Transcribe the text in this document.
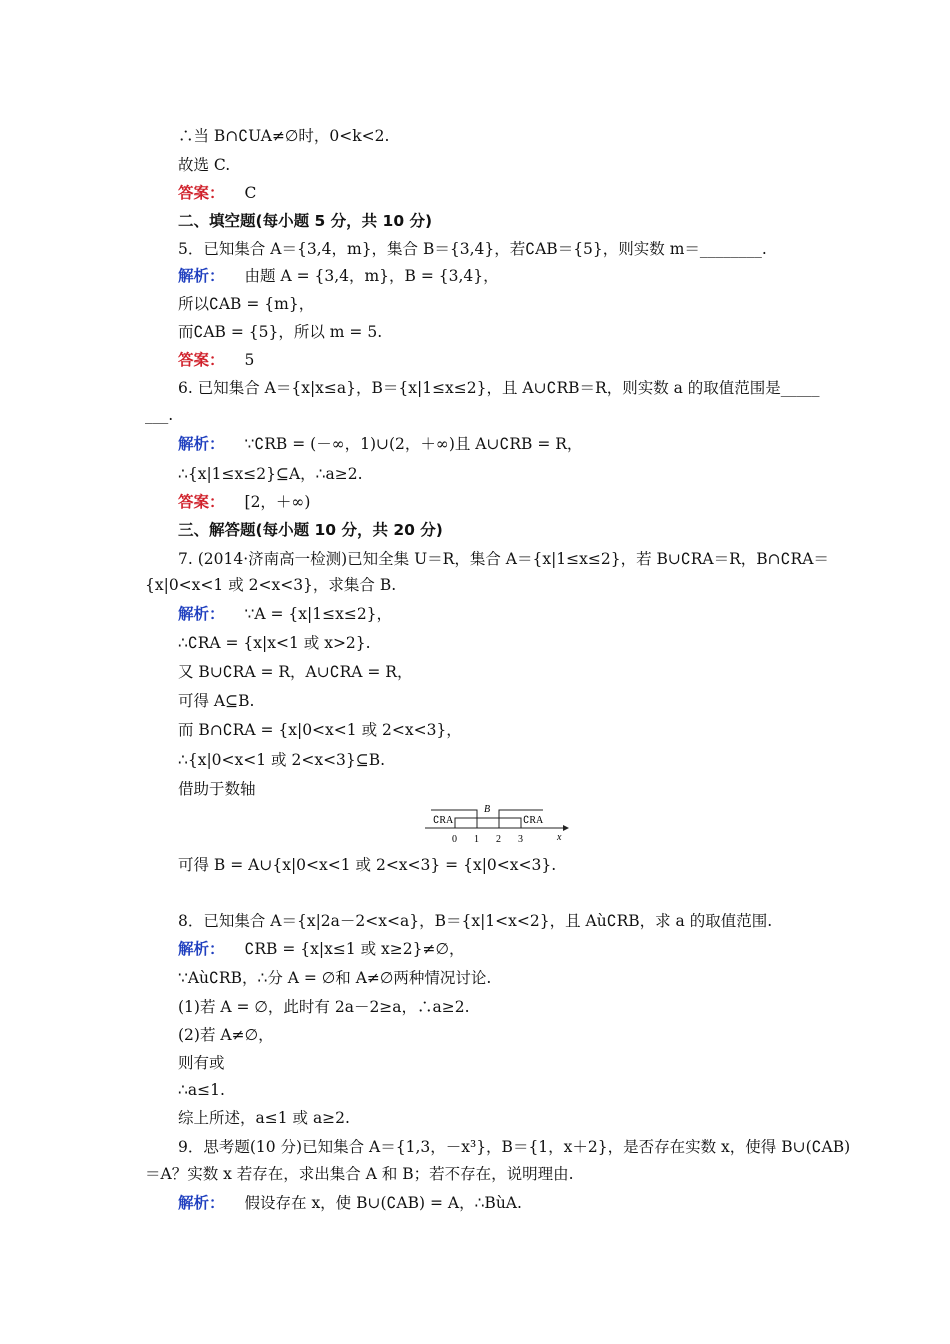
∴当 B∩∁UA≠∅时，0<k<2.
故选 C.
答案： C
二、填空题(每小题 5 分，共 10 分)
5．已知集合 A＝{3,4，m}，集合 B＝{3,4}，若∁AB＝{5}，则实数 m＝________.
解析： 由题 A = {3,4，m}，B = {3,4}，
所以∁AB = {m}，
而∁AB = {5}，所以 m = 5.
答案： 5
6. 已知集合 A＝{x|x≤a}，B＝{x|1≤x≤2}，且 A∪∁RB＝R，则实数 a 的取值范围是_____
___.
解析： ∵∁RB = (－∞，1)∪(2，＋∞)且 A∪∁RB = R，
∴{x|1≤x≤2}⊆A，∴a≥2.
答案： [2，＋∞)
三、解答题(每小题 10 分，共 20 分)
7. (2014·济南高一检测)已知全集 U＝R，集合 A＝{x|1≤x≤2}，若 B∪∁RA＝R，B∩∁RA＝
{x|0<x<1 或 2<x<3}，求集合 B.
解析： ∵A = {x|1≤x≤2}，
∴∁RA = {x|x<1 或 x>2}.
又 B∪∁RA = R，A∪∁RA = R，
可得 A⊆B.
而 B∩∁RA = {x|0<x<1 或 2<x<3}，
∴{x|0<x<1 或 2<x<3}⊆B.
借助于数轴
∁RA
B
∁RA
x
0 1 2 3
可得 B = A∪{x|0<x<1 或 2<x<3} = {x|0<x<3}.
8．已知集合 A＝{x|2a－2<x<a}，B＝{x|1<x<2}，且 Aù∁RB，求 a 的取值范围.
解析： ∁RB = {x|x≤1 或 x≥2}≠∅，
∵Aù∁RB，∴分 A = ∅和 A≠∅两种情况讨论.
(1)若 A = ∅，此时有 2a－2≥a，∴a≥2.
(2)若 A≠∅，
则有或
∴a≤1.
综上所述，a≤1 或 a≥2.
9．思考题(10 分)已知集合 A＝{1,3，－x³}，B＝{1，x＋2}，是否存在实数 x，使得 B∪(∁AB)
＝A？实数 x 若存在，求出集合 A 和 B；若不存在，说明理由.
解析： 假设存在 x，使 B∪(∁AB) = A，∴BùA.
